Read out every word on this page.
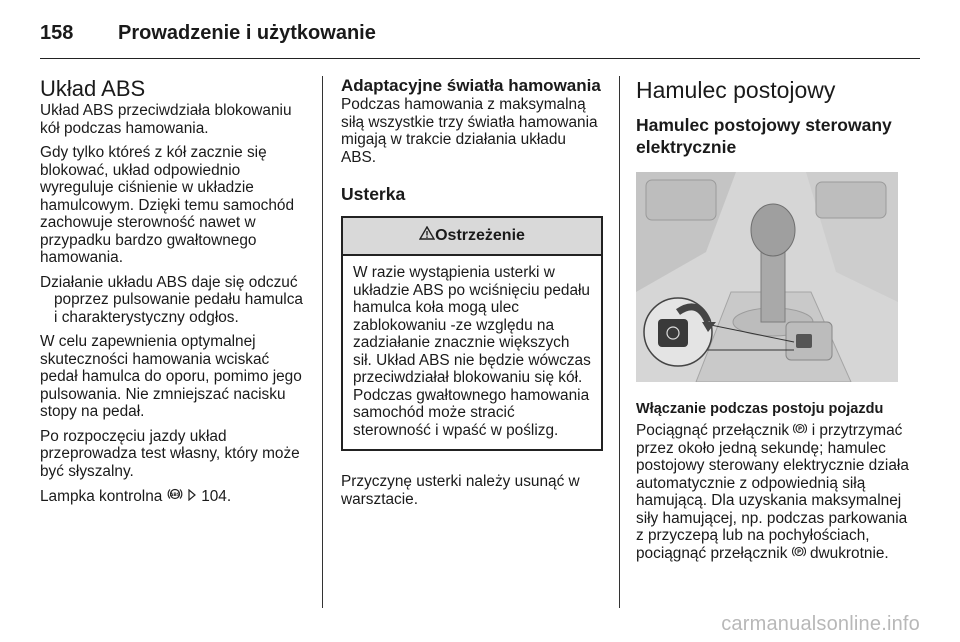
158 Prowadzenie i użytkowanie
Układ ABS

Układ ABS przeciwdziała blokowaniu kół podczas hamowania.

Gdy tylko któreś z kół zacznie się blokować, układ odpowiednio wyreguluje ciśnienie w układzie hamulcowym. Dzięki temu samochód zachowuje sterowność nawet w przypadku bardzo gwałtownego hamowania.

Działanie układu ABS daje się odczuć poprzez pulsowanie pedału hamulca i charakterystyczny odgłos.

W celu zapewnienia optymalnej skuteczności hamowania wciskać pedał hamulca do oporu, pomimo jego pulsowania. Nie zmniejszać nacisku stopy na pedał.

Po rozpoczęciu jazdy układ przeprowadza test własny, który może być słyszalny.

Lampka kontrolna ABS 104.

Adaptacyjne światła hamowania

Podczas hamowania z maksymalną siłą wszystkie trzy światła hamowania migają w trakcie działania układu ABS.

Usterka
Ostrzeżenie

W razie wystąpienia usterki w układzie ABS po wciśnięciu pedału hamulca koła mogą ulec zablokowaniu -ze względu na zadziałanie znacznie większych sił. Układ ABS nie będzie wówczas przeciwdziałał blokowaniu się kół. Podczas gwałtownego hamowania samochód może stracić sterowność i wpaść w poślizg.

Przyczynę usterki należy usunąć w warsztacie.

Hamulec postojowy
Hamulec postojowy sterowany elektrycznie
Włączanie podczas postoju pojazdu

Pociągnąć przełącznik P i przytrzymać przez około jedną sekundę; hamulec postojowy sterowany elektrycznie działa automatycznie z odpowiednią siłą hamującą. Dla uzyskania maksymalnej siły hamującej, np. podczas parkowania z przyczepą lub na pochyłościach, pociągnąć przełącznik P dwukrotnie.

carmanualsonline.info
